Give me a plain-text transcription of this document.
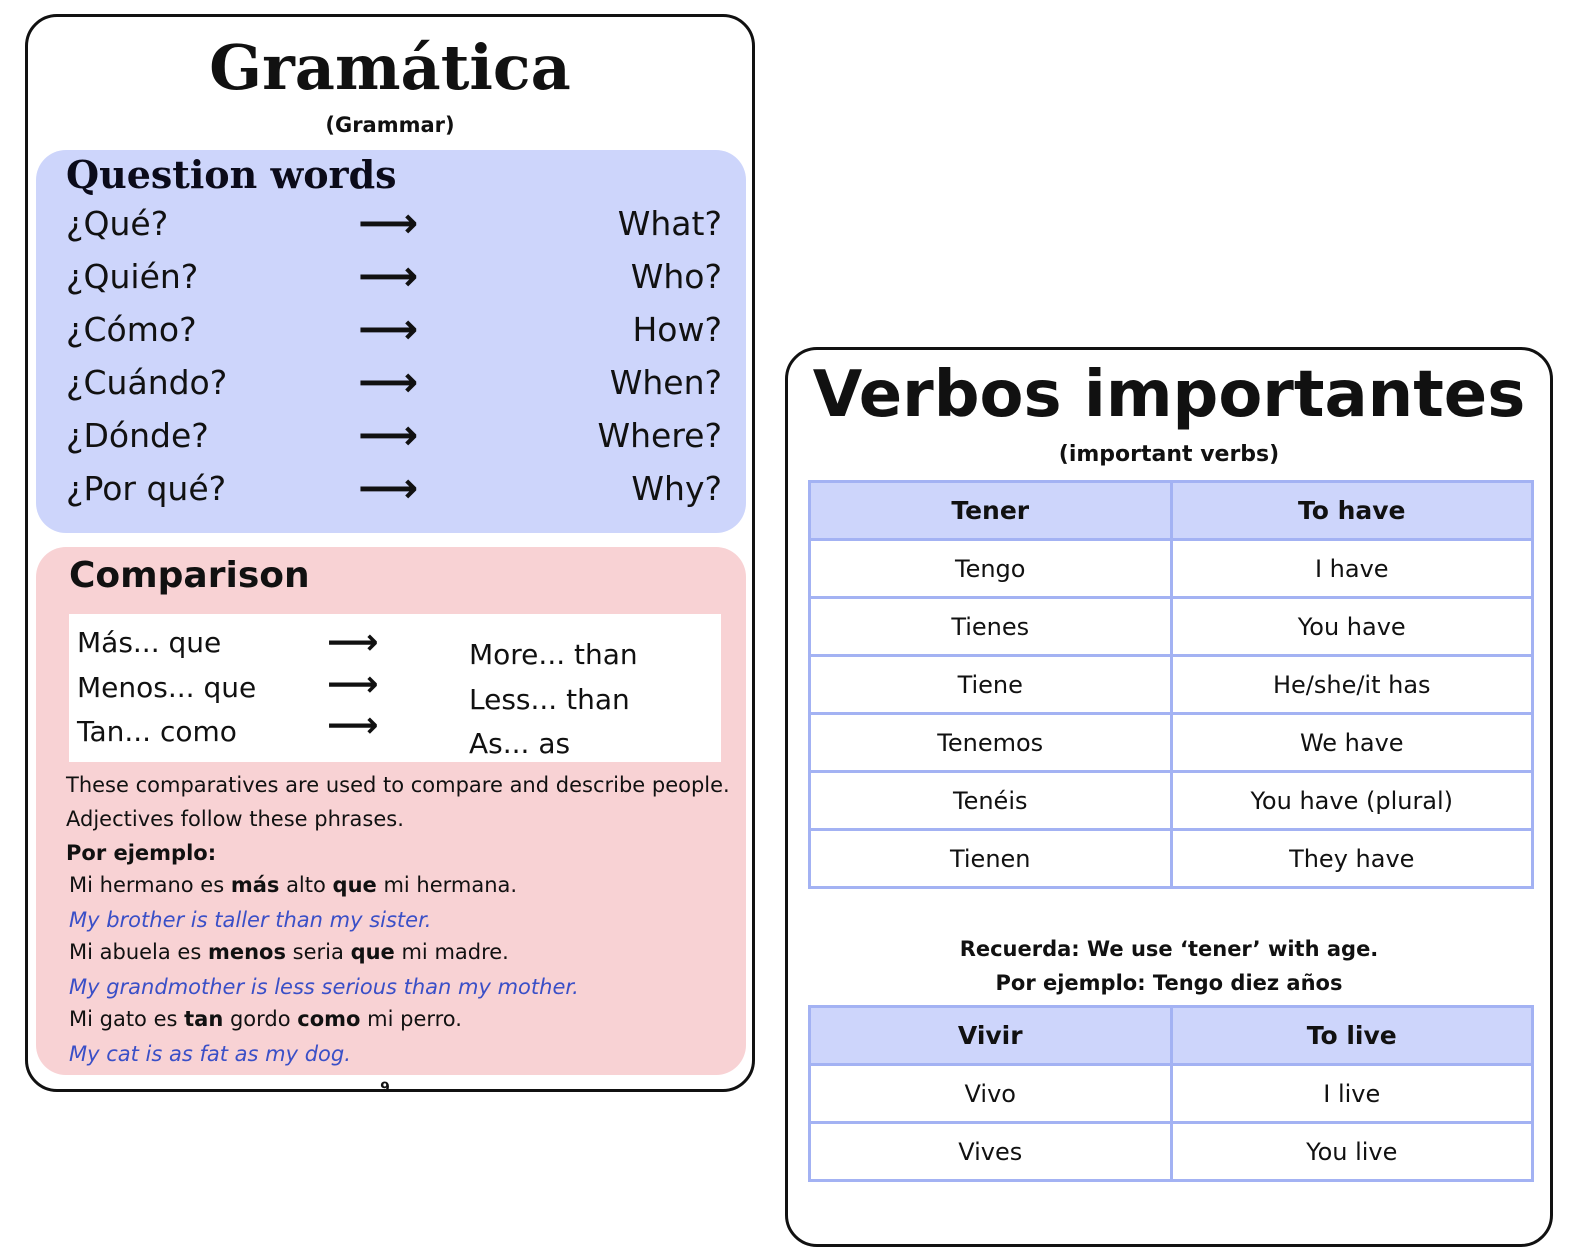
Gramática
(Grammar)
Question words
¿Qué?	⟶	What?
¿Quién?	⟶	Who?
¿Cómo?	⟶	How?
¿Cuándo?	⟶	When?
¿Dónde?	⟶	Where?
¿Por qué?	⟶	Why?
Comparison
Más... que	⟶	More... than
Menos... que ⟶	Less... than
Tan... como	⟶	As... as
These comparatives are used to compare and describe people.
Adjectives follow these phrases.
Por ejemplo:
Mi hermano es más alto que mi hermana.
My brother is taller than my sister.
Mi abuela es menos seria que mi madre.
My grandmother is less serious than my mother.
Mi gato es tan gordo como mi perro.
My cat is as fat as my dog.
9
Verbos importantes
(important verbs)
Tener	To have
Tengo	I have
Tienes	You have
Tiene	He/she/it has
Tenemos	We have
Tenéis	You have (plural)
Tienen	They have
Recuerda: We use ‘tener’ with age.
Por ejemplo: Tengo diez años
Vivir	To live
Vivo	I live
Vives	You live
